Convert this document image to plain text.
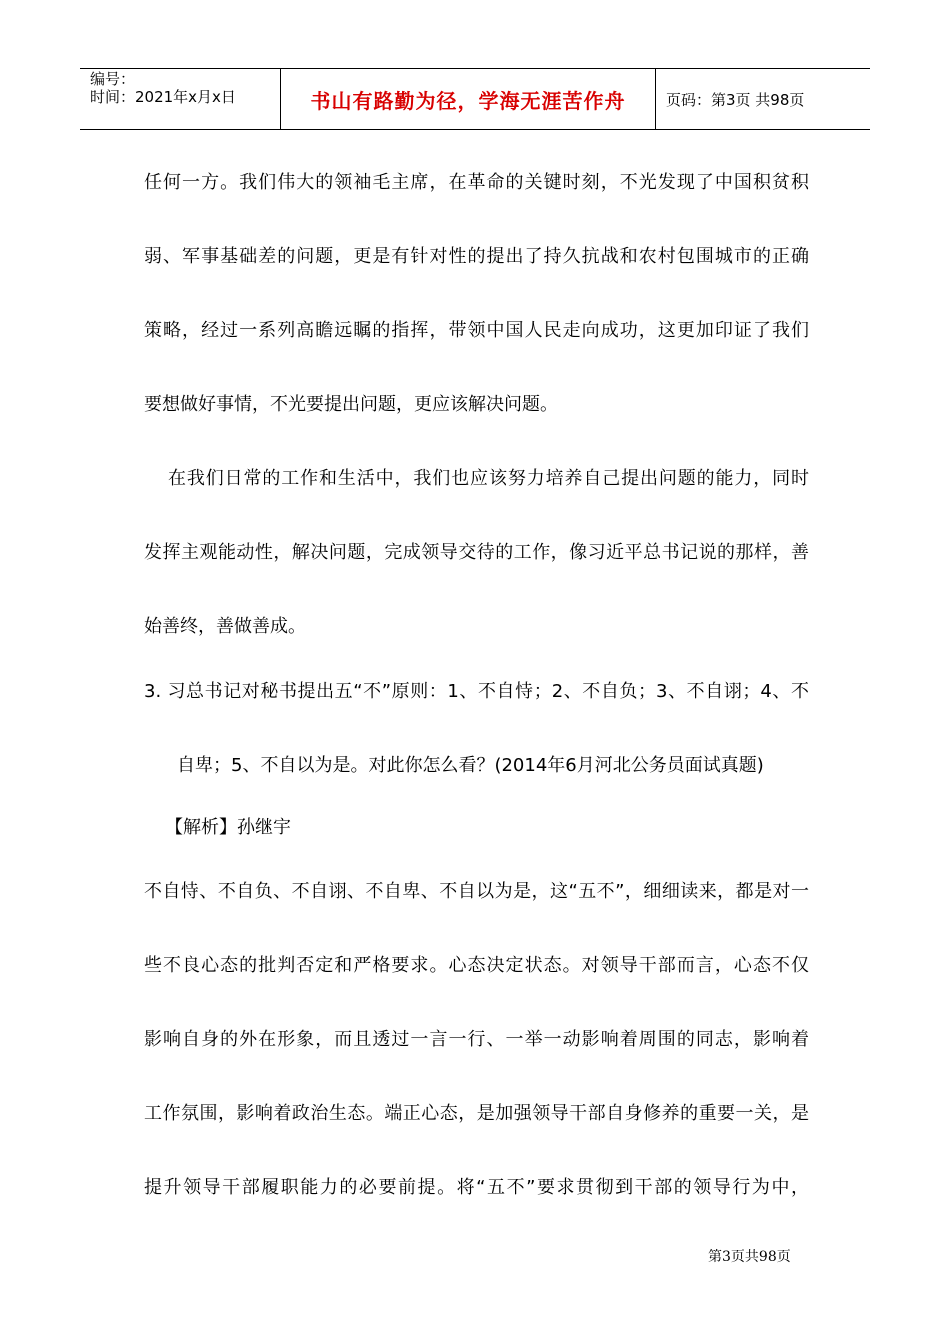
编号：
时间：2021年x月x日	书山有路勤为径，学海无涯苦作舟	页码：第3页 共98页
任何一方。我们伟大的领袖毛主席，在革命的关键时刻，不光发现了中国积贫积
弱、军事基础差的问题，更是有针对性的提出了持久抗战和农村包围城市的正确
策略，经过一系列高瞻远瞩的指挥，带领中国人民走向成功，这更加印证了我们
要想做好事情，不光要提出问题，更应该解决问题。
在我们日常的工作和生活中，我们也应该努力培养自己提出问题的能力，同时
发挥主观能动性，解决问题，完成领导交待的工作，像习近平总书记说的那样，善
始善终，善做善成。
3. 习总书记对秘书提出五“不”原则：1、不自恃；2、不自负；3、不自诩；4、不
自卑；5、不自以为是。对此你怎么看？(2014年6月河北公务员面试真题)
【解析】孙继宇
不自恃、不自负、不自诩、不自卑、不自以为是，这“五不”，细细读来，都是对一
些不良心态的批判否定和严格要求。心态决定状态。对领导干部而言，心态不仅
影响自身的外在形象，而且透过一言一行、一举一动影响着周围的同志，影响着
工作氛围，影响着政治生态。端正心态，是加强领导干部自身修养的重要一关，是
提升领导干部履职能力的必要前提。将“五不”要求贯彻到干部的领导行为中，
第3页共98页
